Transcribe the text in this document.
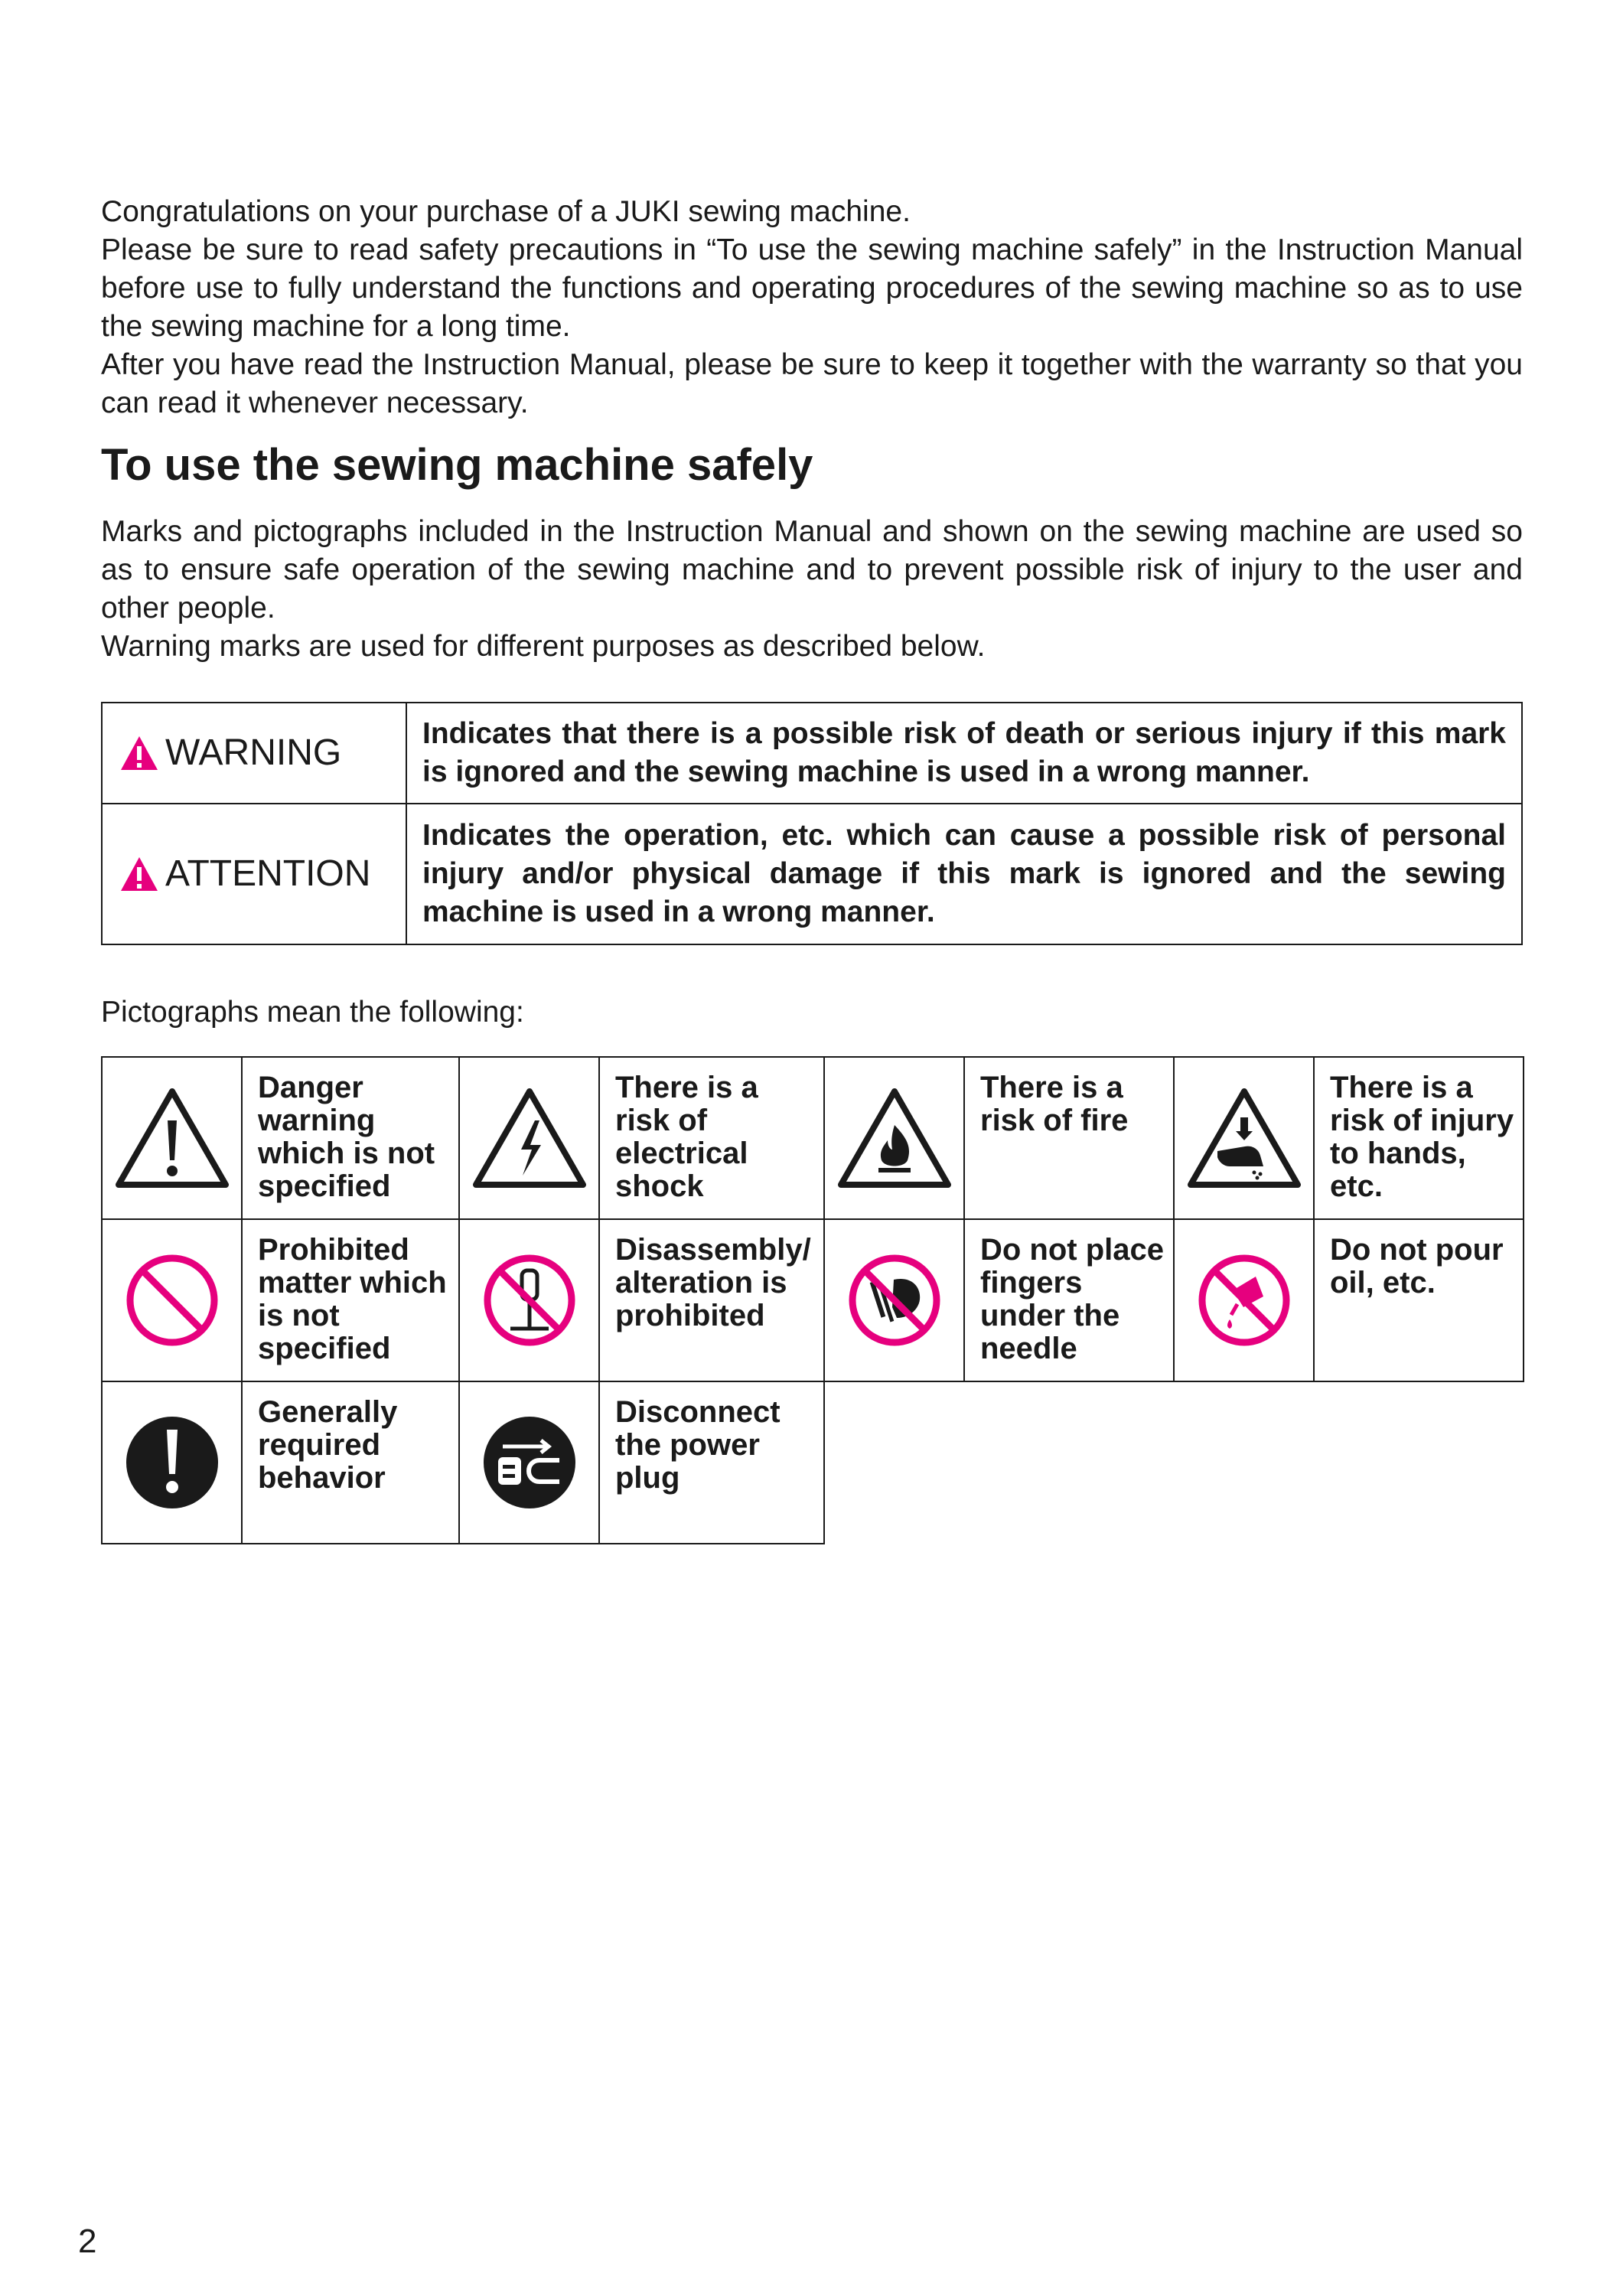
Congratulations on your purchase of a JUKI sewing machine.

Please be sure to read safety precautions in “To use the sewing machine safely” in the Instruction Manual before use to fully understand the functions and operating procedures of the sewing machine so as to use the sewing machine for a long time.

After you have read the Instruction Manual, please be sure to keep it together with the warranty so that you can read it whenever necessary.

To use the sewing machine safely

Marks and pictographs included in the Instruction Manual and shown on the sewing machine are used so as to ensure safe operation of the sewing machine and to prevent possible risk of injury to the user and other people.

Warning marks are used for different purposes as described below.

WARNING	Indicates that there is a possible risk of death or serious injury if this mark is ignored and the sewing machine is used in a wrong manner.

ATTENTION	Indicates the operation, etc. which can cause a possible risk of personal injury and/or physical damage if this mark is ignored and the sewing machine is used in a wrong manner.

Pictographs mean the following:

Danger warning which is not specified		There is a risk of electrical shock		There is a risk of fire		There is a risk of injury to hands, etc.

Prohibited matter which is not specified		Disassembly/ alteration is prohibited		Do not place fingers under the needle		Do not pour oil, etc.

Generally required behavior		Disconnect the power plug				

2
